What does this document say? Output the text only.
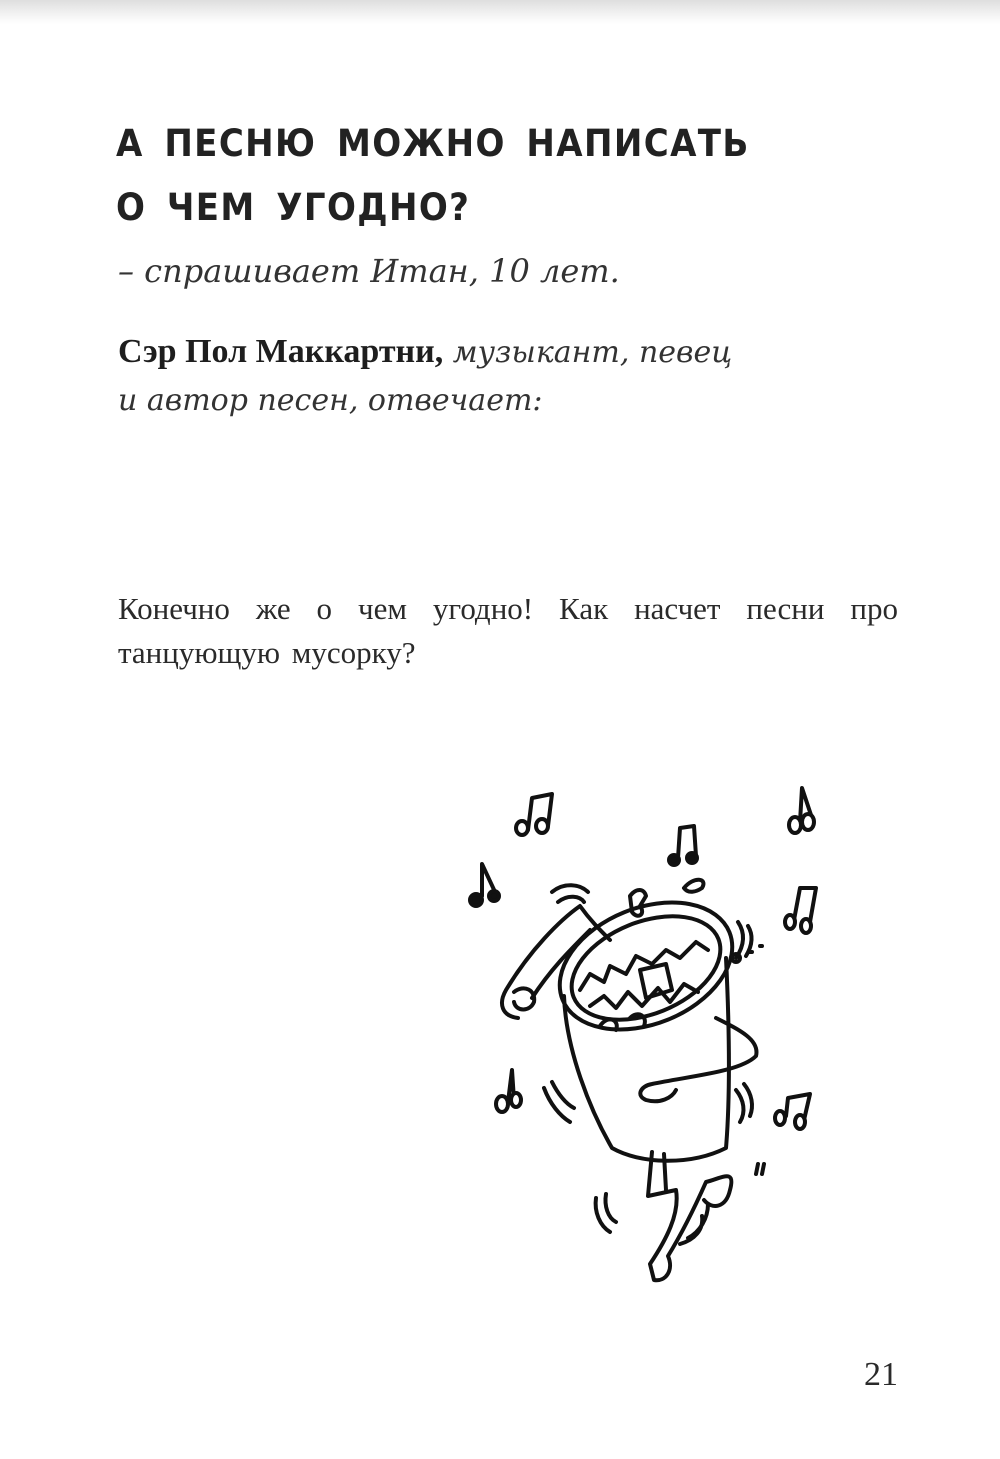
А ПЕСНЮ МОЖНО НАПИСАТЬ
О ЧЕМ УГОДНО?
– спрашивает Итан, 10 лет.
Сэр Пол Маккартни, музыкант, певец
и автор песен, отвечает:

Конечно же о чем угодно! Как насчет песни про танцующую мусорку?

21
